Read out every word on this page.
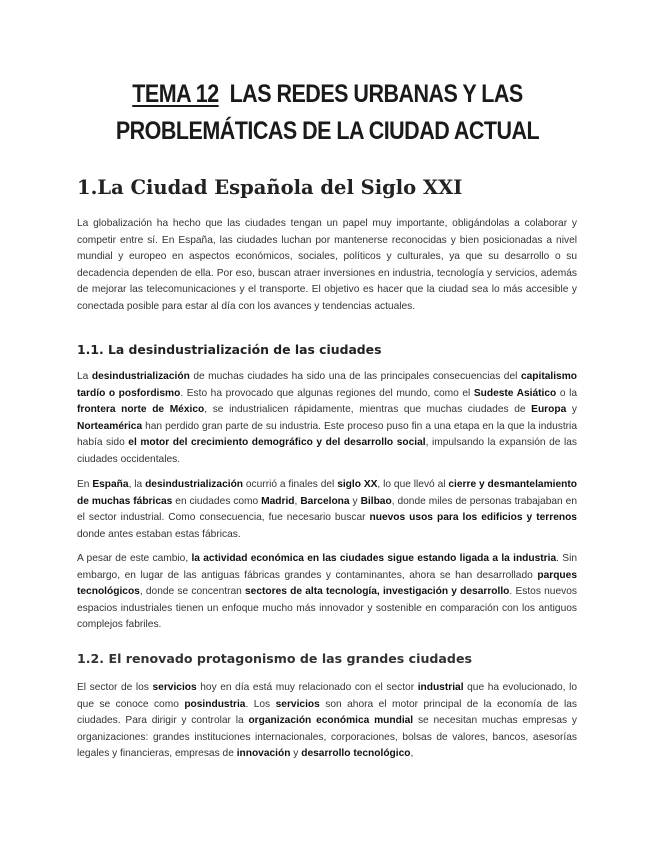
TEMA 12 LAS REDES URBANAS Y LAS
PROBLEMÁTICAS DE LA CIUDAD ACTUAL
1.La Ciudad Española del Siglo XXI

La globalización ha hecho que las ciudades tengan un papel muy importante, obligándolas a colaborar y competir entre sí. En España, las ciudades luchan por mantenerse reconocidas y bien posicionadas a nivel mundial y europeo en aspectos económicos, sociales, políticos y culturales, ya que su desarrollo o su decadencia dependen de ella. Por eso, buscan atraer inversiones en industria, tecnología y servicios, además de mejorar las telecomunicaciones y el transporte. El objetivo es hacer que la ciudad sea lo más accesible y conectada posible para estar al día con los avances y tendencias actuales.

1.1. La desindustrialización de las ciudades

La desindustrialización de muchas ciudades ha sido una de las principales consecuencias del capitalismo tardío o posfordismo. Esto ha provocado que algunas regiones del mundo, como el Sudeste Asiático o la frontera norte de México, se industrialicen rápidamente, mientras que muchas ciudades de Europa y Norteamérica han perdido gran parte de su industria. Este proceso puso fin a una etapa en la que la industria había sido el motor del crecimiento demográfico y del desarrollo social, impulsando la expansión de las ciudades occidentales.

En España, la desindustrialización ocurrió a finales del siglo XX, lo que llevó al cierre y desmantelamiento de muchas fábricas en ciudades como Madrid, Barcelona y Bilbao, donde miles de personas trabajaban en el sector industrial. Como consecuencia, fue necesario buscar nuevos usos para los edificios y terrenos donde antes estaban estas fábricas.

A pesar de este cambio, la actividad económica en las ciudades sigue estando ligada a la industria. Sin embargo, en lugar de las antiguas fábricas grandes y contaminantes, ahora se han desarrollado parques tecnológicos, donde se concentran sectores de alta tecnología, investigación y desarrollo. Estos nuevos espacios industriales tienen un enfoque mucho más innovador y sostenible en comparación con los antiguos complejos fabriles.

1.2. El renovado protagonismo de las grandes ciudades

El sector de los servicios hoy en día está muy relacionado con el sector industrial que ha evolucionado, lo que se conoce como posindustria. Los servicios son ahora el motor principal de la economía de las ciudades. Para dirigir y controlar la organización económica mundial se necesitan muchas empresas y organizaciones: grandes instituciones internacionales, corporaciones, bolsas de valores, bancos, asesorías legales y financieras, empresas de innovación y desarrollo tecnológico,
